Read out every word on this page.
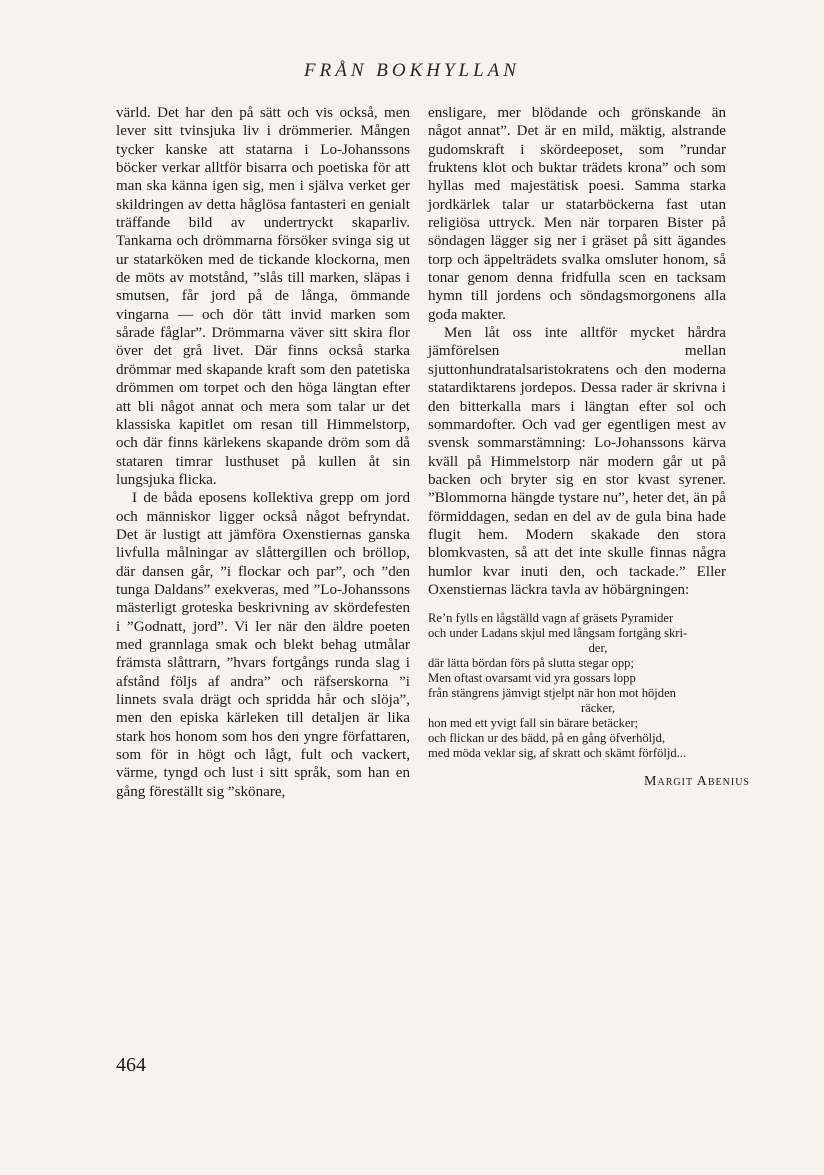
FRÅN BOKHYLLAN

värld. Det har den på sätt och vis också, men lever sitt tvinsjuka liv i drömmerier. Mången tycker kanske att statarna i Lo-Johanssons böcker verkar alltför bisarra och poetiska för att man ska känna igen sig, men i själva verket ger skildringen av detta håglösa fantasteri en genialt träffande bild av undertryckt skaparliv. Tankarna och drömmarna försöker svinga sig ut ur statarköken med de tickande klockorna, men de möts av motstånd, ”slås till marken, släpas i smutsen, får jord på de långa, ömmande vingarna — och dör tätt invid marken som sårade fåglar”. Drömmarna väver sitt skira flor över det grå livet. Där finns också starka drömmar med skapande kraft som den patetiska drömmen om torpet och den höga längtan efter att bli något annat och mera som talar ur det klassiska kapitlet om resan till Himmelstorp, och där finns kärlekens skapande dröm som då stataren timrar lusthuset på kullen åt sin lungsjuka flicka.

I de båda eposens kollektiva grepp om jord och människor ligger också något befryndat. Det är lustigt att jämföra Oxenstiernas ganska livfulla målningar av slåttergillen och bröllop, där dansen går, ”i flockar och par”, och ”den tunga Daldans” exekveras, med ”Lo-Johanssons mästerligt groteska beskrivning av skördefesten i ”Godnatt, jord”. Vi ler när den äldre poeten med grannlaga smak och blekt behag utmålar främsta slåttrarn, ”hvars fortgångs runda slag i afstånd följs af andra” och räfserskorna ”i linnets svala drägt och spridda hår och slöja”, men den episka kärleken till detaljen är lika stark hos honom som hos den yngre författaren, som för in högt och lågt, fult och vackert, värme, tyngd och lust i sitt språk, som han en gång föreställt sig ”skönare,

ensligare, mer blödande och grönskande än något annat”. Det är en mild, mäktig, alstrande gudomskraft i skördeeposet, som ”rundar fruktens klot och buktar trädets krona” och som hyllas med majestätisk poesi. Samma starka jordkärlek talar ur statarböckerna fast utan religiösa uttryck. Men när torparen Bister på söndagen lägger sig ner i gräset på sitt ägandes torp och äppelträdets svalka omsluter honom, så tonar genom denna fridfulla scen en tacksam hymn till jordens och söndagsmorgonens alla goda makter.

Men låt oss inte alltför mycket hårdra jämförelsen mellan sjuttonhundratalsaristokratens och den moderna statardiktarens jordepos. Dessa rader är skrivna i den bitterkalla mars i längtan efter sol och sommardofter. Och vad ger egentligen mest av svensk sommarstämning: Lo-Johanssons kärva kväll på Himmelstorp när modern går ut på backen och bryter sig en stor kvast syrener. ”Blommorna hängde tystare nu”, heter det, än på förmiddagen, sedan en del av de gula bina hade flugit hem. Modern skakade den stora blomkvasten, så att det inte skulle finnas några humlor kvar inuti den, och tackade.” Eller Oxenstiernas läckra tavla av höbärgningen:

Re’n fylls en lågställd vagn af gräsets Pyramider
och under Ladans skjul med långsam fortgång skri-
der,
där lätta bördan förs på slutta stegar opp;
Men oftast ovarsamt vid yra gossars lopp
från stängrens jämvigt stjelpt när hon mot höjden
räcker,
hon med ett yvigt fall sin bärare betäcker;
och flickan ur des bädd, på en gång öfverhöljd,
med möda veklar sig, af skratt och skämt förföljd...
Margit Abenius
464
